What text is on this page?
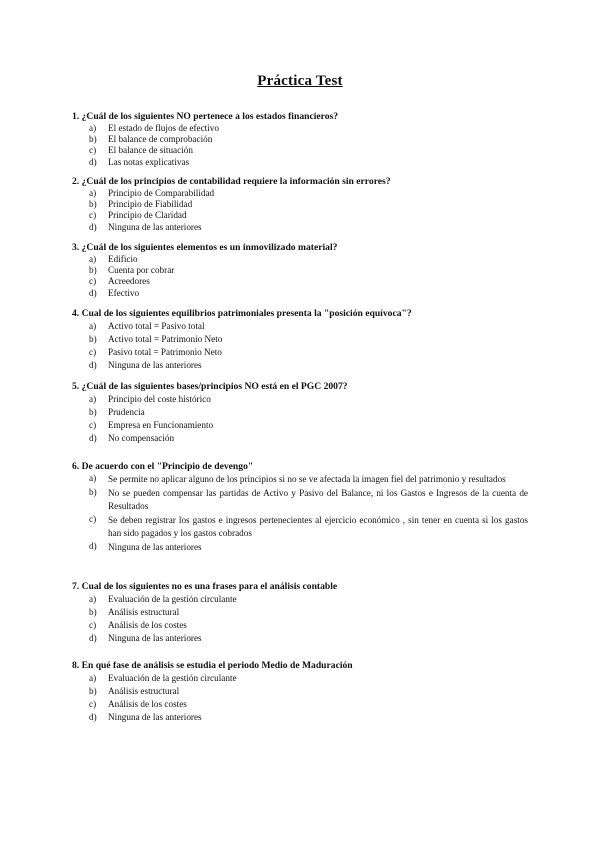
Práctica Test
1. ¿Cuál de los siguientes NO pertenece a los estados financieros?
a) El estado de flujos de efectivo
b) El balance de comprobación
c) El balance de situación
d) Las notas explicativas
2. ¿Cuál de los principios de contabilidad requiere la información sin errores?
a) Principio de Comparabilidad
b) Principio de Fiabilidad
c) Principio de Claridad
d) Ninguna de las anteriores
3. ¿Cuál de los siguientes elementos es un inmovilizado material?
a) Edificio
b) Cuenta por cobrar
c) Acreedores
d) Efectivo
4. Cual de los siguientes equilibrios patrimoniales presenta la "posición equívoca"?
a) Activo total = Pasivo total
b) Activo total = Patrimonio Neto
c) Pasivo total = Patrimonio Neto
d) Ninguna de las anteriores
5. ¿Cuál de las siguientes bases/principios NO está en el PGC 2007?
a) Principio del coste histórico
b) Prudencia
c) Empresa en Funcionamiento
d) No compensación
6. De acuerdo con el "Principio de devengo"
a) Se permite no aplicar alguno de los principios si no se ve afectada la imagen fiel del patrimonio y resultados
b) No se pueden compensar las partidas de Activo y Pasivo del Balance, ni los Gastos e Ingresos de la cuenta de Resultados
c) Se deben registrar los gastos e ingresos pertenecientes al ejercicio económico , sin tener en cuenta si los gastos han sido pagados y los gastos cobrados
d) Ninguna de las anteriores
7. Cual de los siguientes no es una frases para el análisis contable
a) Evaluación de la gestión circulante
b) Análisis estructural
c) Análisis de los costes
d) Ninguna de las anteriores
8. En qué fase de análisis se estudia el periodo Medio de Maduración
a) Evaluación de la gestión circulante
b) Análisis estructural
c) Análisis de los costes
d) Ninguna de las anteriores
